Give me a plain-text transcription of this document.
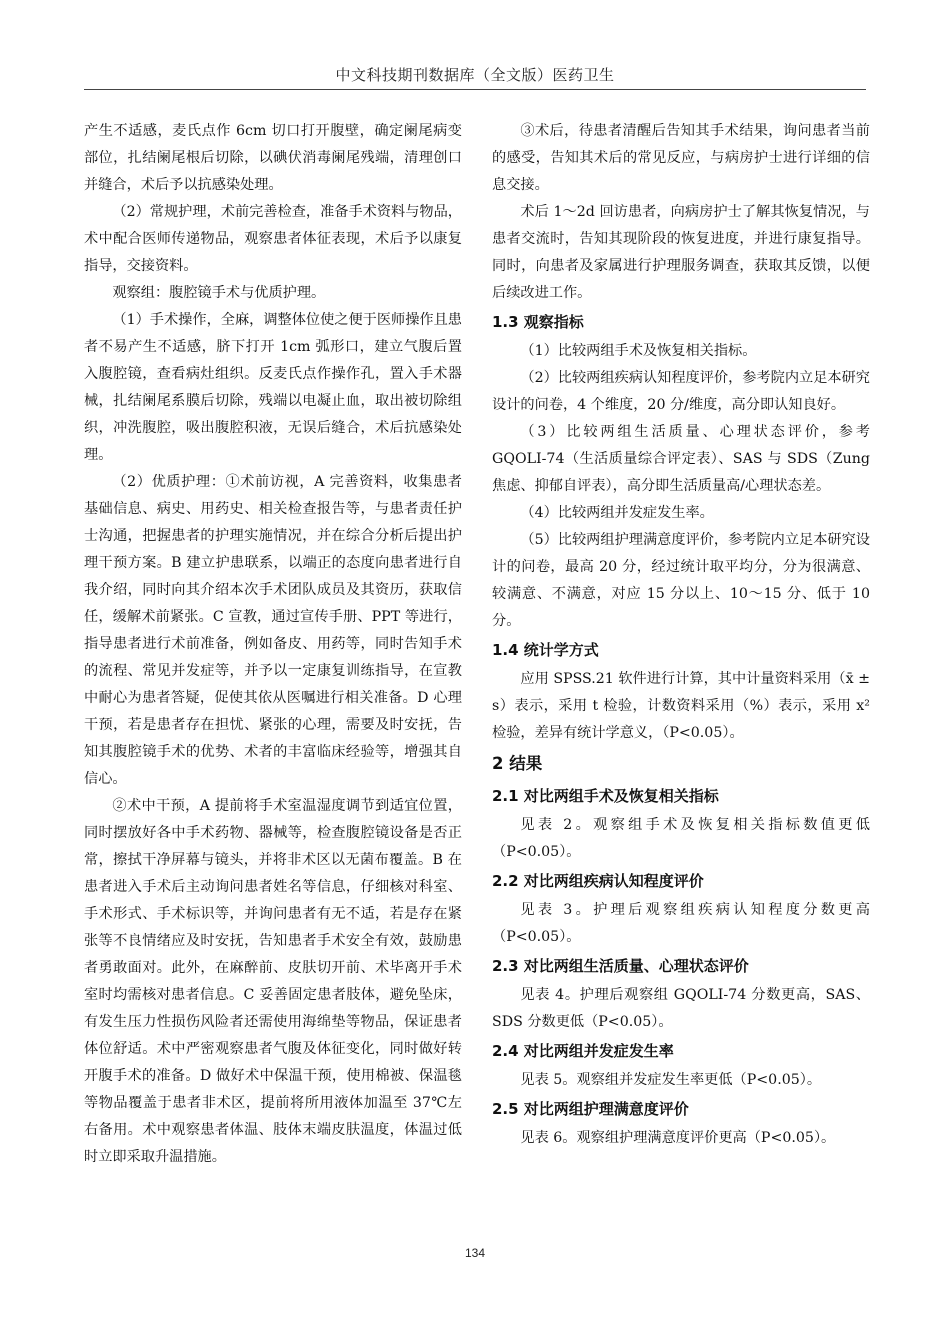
中文科技期刊数据库（全文版）医药卫生

产生不适感，麦氏点作 6cm 切口打开腹壁，确定阑尾病变部位，扎结阑尾根后切除，以碘伏消毒阑尾残端，清理创口并缝合，术后予以抗感染处理。

（2）常规护理，术前完善检查，准备手术资料与物品，术中配合医师传递物品，观察患者体征表现，术后予以康复指导，交接资料。

观察组：腹腔镜手术与优质护理。

（1）手术操作，全麻，调整体位使之便于医师操作且患者不易产生不适感，脐下打开 1cm 弧形口，建立气腹后置入腹腔镜，查看病灶组织。反麦氏点作操作孔，置入手术器械，扎结阑尾系膜后切除，残端以电凝止血，取出被切除组织，冲洗腹腔，吸出腹腔积液，无误后缝合，术后抗感染处理。

（2）优质护理：①术前访视，A 完善资料，收集患者基础信息、病史、用药史、相关检查报告等，与患者责任护士沟通，把握患者的护理实施情况，并在综合分析后提出护理干预方案。B 建立护患联系，以端正的态度向患者进行自我介绍，同时向其介绍本次手术团队成员及其资历，获取信任，缓解术前紧张。C 宣教，通过宣传手册、PPT 等进行，指导患者进行术前准备，例如备皮、用药等，同时告知手术的流程、常见并发症等，并予以一定康复训练指导，在宣教中耐心为患者答疑，促使其依从医嘱进行相关准备。D 心理干预，若是患者存在担忧、紧张的心理，需要及时安抚，告知其腹腔镜手术的优势、术者的丰富临床经验等，增强其自信心。

②术中干预，A 提前将手术室温湿度调节到适宜位置，同时摆放好各中手术药物、器械等，检查腹腔镜设备是否正常，擦拭干净屏幕与镜头，并将非术区以无菌布覆盖。B 在患者进入手术后主动询问患者姓名等信息，仔细核对科室、手术形式、手术标识等，并询问患者有无不适，若是存在紧张等不良情绪应及时安抚，告知患者手术安全有效，鼓励患者勇敢面对。此外，在麻醉前、皮肤切开前、术毕离开手术室时均需核对患者信息。C 妥善固定患者肢体，避免坠床，有发生压力性损伤风险者还需使用海绵垫等物品，保证患者体位舒适。术中严密观察患者气腹及体征变化，同时做好转开腹手术的准备。D 做好术中保温干预，使用棉被、保温毯等物品覆盖于患者非术区，提前将所用液体加温至 37℃左右备用。术中观察患者体温、肢体末端皮肤温度，体温过低时立即采取升温措施。

③术后，待患者清醒后告知其手术结果，询问患者当前的感受，告知其术后的常见反应，与病房护士进行详细的信息交接。

术后 1～2d 回访患者，向病房护士了解其恢复情况，与患者交流时，告知其现阶段的恢复进度，并进行康复指导。同时，向患者及家属进行护理服务调查，获取其反馈，以便后续改进工作。

1.3 观察指标

（1）比较两组手术及恢复相关指标。

（2）比较两组疾病认知程度评价，参考院内立足本研究设计的问卷，4 个维度，20 分/维度，高分即认知良好。

（3）比较两组生活质量、心理状态评价，参考 GQOLI-74（生活质量综合评定表）、SAS 与 SDS（Zung 焦虑、抑郁自评表），高分即生活质量高/心理状态差。

（4）比较两组并发症发生率。

（5）比较两组护理满意度评价，参考院内立足本研究设计的问卷，最高 20 分，经过统计取平均分，分为很满意、较满意、不满意，对应 15 分以上、10～15 分、低于 10 分。

1.4 统计学方式

应用 SPSS.21 软件进行计算，其中计量资料采用（x̄ ± s）表示，采用 t 检验，计数资料采用（%）表示，采用 x² 检验，差异有统计学意义，（P<0.05）。

2 结果
2.1 对比两组手术及恢复相关指标

见表 2。观察组手术及恢复相关指标数值更低（P<0.05）。

2.2 对比两组疾病认知程度评价

见表 3。护理后观察组疾病认知程度分数更高（P<0.05）。

2.3 对比两组生活质量、心理状态评价

见表 4。护理后观察组 GQOLI-74 分数更高，SAS、SDS 分数更低（P<0.05）。

2.4 对比两组并发症发生率

见表 5。观察组并发症发生率更低（P<0.05）。

2.5 对比两组护理满意度评价

见表 6。观察组护理满意度评价更高（P<0.05）。

134
